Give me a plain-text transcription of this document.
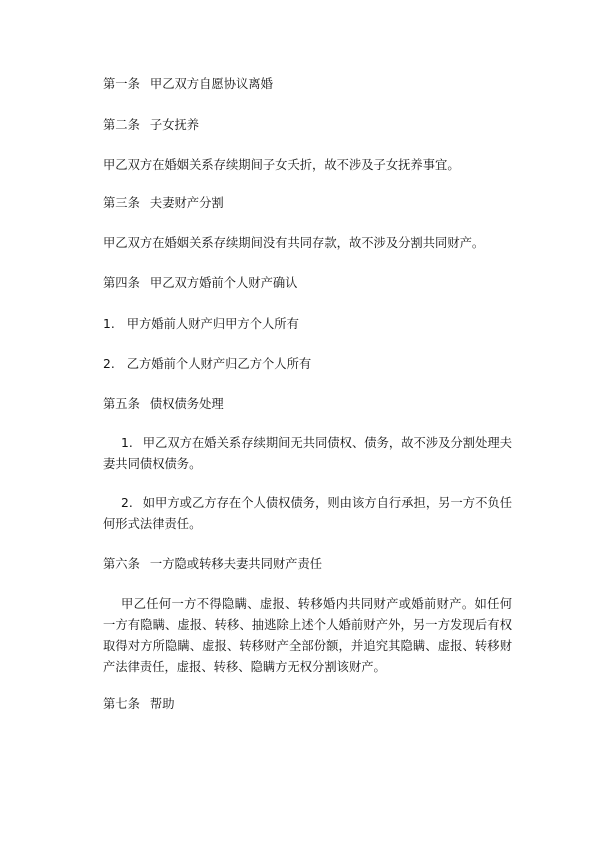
第一条 甲乙双方自愿协议离婚
第二条 子女抚养
甲乙双方在婚姻关系存续期间子女夭折，故不涉及子女抚养事宜。
第三条 夫妻财产分割
甲乙双方在婚姻关系存续期间没有共同存款，故不涉及分割共同财产。
第四条 甲乙双方婚前个人财产确认
1. 甲方婚前人财产归甲方个人所有
2. 乙方婚前个人财产归乙方个人所有
第五条 债权债务处理
1. 甲乙双方在婚关系存续期间无共同债权、债务，故不涉及分割处理夫妻共同债权债务。
2. 如甲方或乙方存在个人债权债务，则由该方自行承担，另一方不负任何形式法律责任。
第六条 一方隐或转移夫妻共同财产责任
甲乙任何一方不得隐瞒、虚报、转移婚内共同财产或婚前财产。如任何一方有隐瞒、虚报、转移、抽逃除上述个人婚前财产外，另一方发现后有权取得对方所隐瞒、虚报、转移财产全部份额，并追究其隐瞒、虚报、转移财产法律责任，虚报、转移、隐瞒方无权分割该财产。
第七条 帮助
